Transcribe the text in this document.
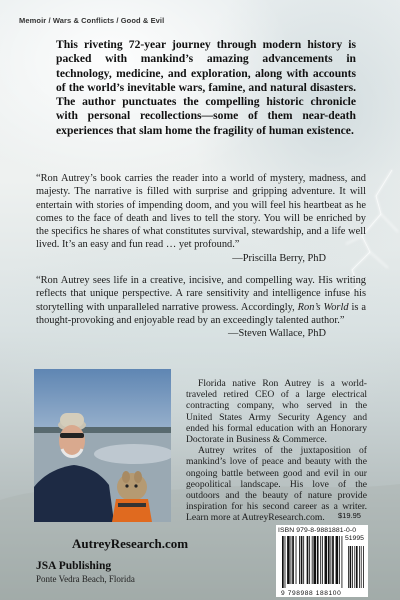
Memoir / Wars & Conflicts / Good & Evil

This riveting 72-year journey through modern history is packed with mankind’s amazing advancements in technology, medicine, and exploration, along with accounts of the world’s inevitable wars, famine, and natural disasters. The author punctuates the compelling historic chronicle with personal recollections—some of them near-death experiences that slam home the fragility of human existence.

“Ron Autrey’s book carries the reader into a world of mystery, madness, and majesty. The narrative is filled with surprise and gripping adventure. It will entertain with stories of impending doom, and you will feel his heartbeat as he comes to the face of death and lives to tell the story. You will be enriched by the specifics he shares of what constitutes survival, stewardship, and a life well lived. It’s an easy and fun read … yet profound.”

—Priscilla Berry, PhD

“Ron Autrey sees life in a creative, incisive, and compelling way. His writing reflects that unique perspective. A rare sensitivity and intelligence infuse his storytelling with unparalleled narrative prowess. Accordingly, Ron’s World is a thought-provoking and enjoyable read by an exceedingly talented author.”

—Steven Wallace, PhD

Florida native Ron Autrey is a world-traveled retired CEO of a large electrical contracting company, who served in the United States Army Security Agency and ended his formal education with an Honorary Doctorate in Business & Commerce.

Autrey writes of the juxtaposition of mankind’s love of peace and beauty with the ongoing battle between good and evil in our geopolitical landscape. His love of the outdoors and the beauty of nature provide inspiration for his second career as a writer. Learn more at AutreyResearch.com.

AutreyResearch.com
JSA Publishing
Ponte Vedra Beach, Florida
$19.95
ISBN 979-8-9881881-0-0
51995
9 798988 188100
